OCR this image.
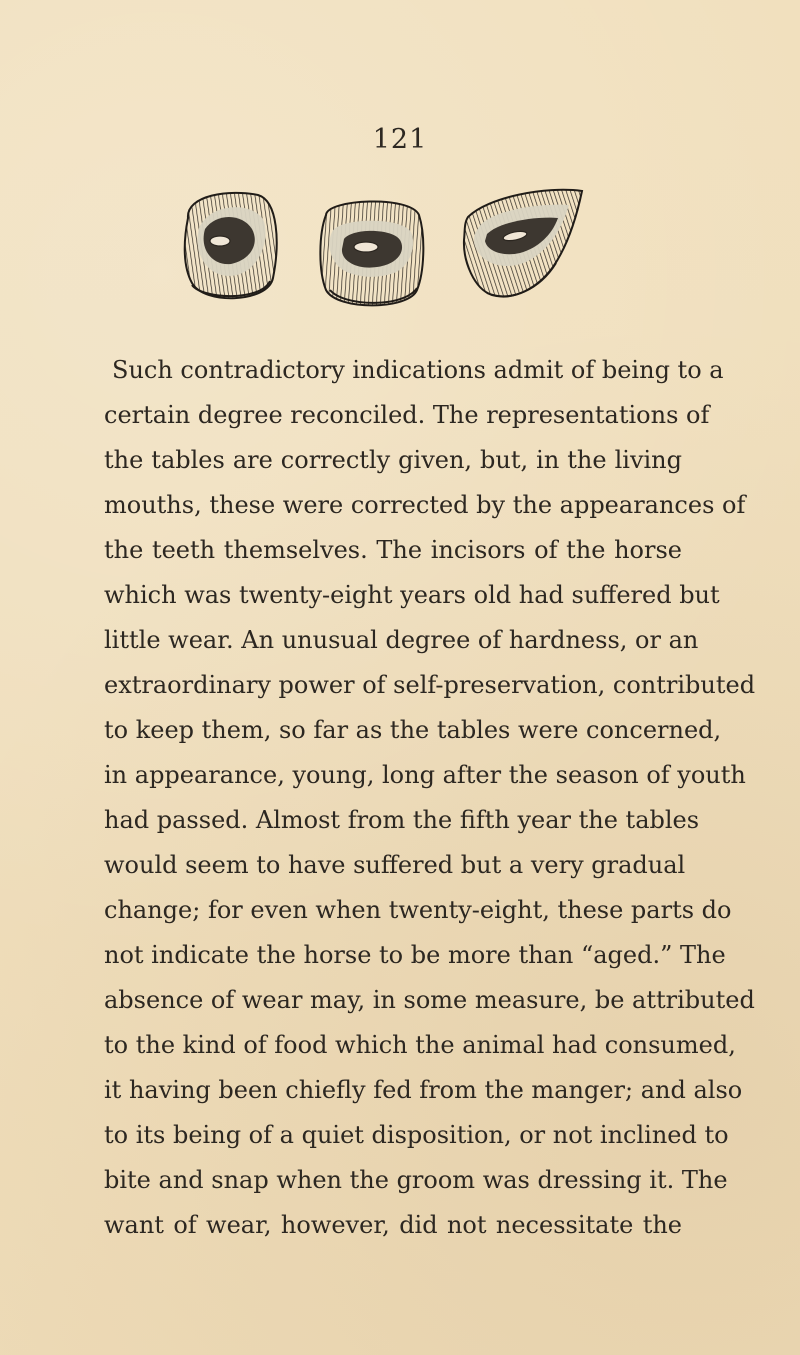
121
Such contradictory indications admit of being to a
certain degree reconciled. The representations of
the tables are correctly given, but, in the living
mouths, these were corrected by the appearances of
the teeth themselves. The incisors of the horse
which was twenty-eight years old had suffered but
little wear. An unusual degree of hardness, or an
extraordinary power of self-preservation, contributed
to keep them, so far as the tables were concerned,
in appearance, young, long after the season of youth
had passed. Almost from the fifth year the tables
would seem to have suffered but a very gradual
change; for even when twenty-eight, these parts do
not indicate the horse to be more than “aged.” The
absence of wear may, in some measure, be attributed
to the kind of food which the animal had consumed,
it having been chiefly fed from the manger; and also
to its being of a quiet disposition, or not inclined to
bite and snap when the groom was dressing it. The
want of wear, however, did not necessitate the
